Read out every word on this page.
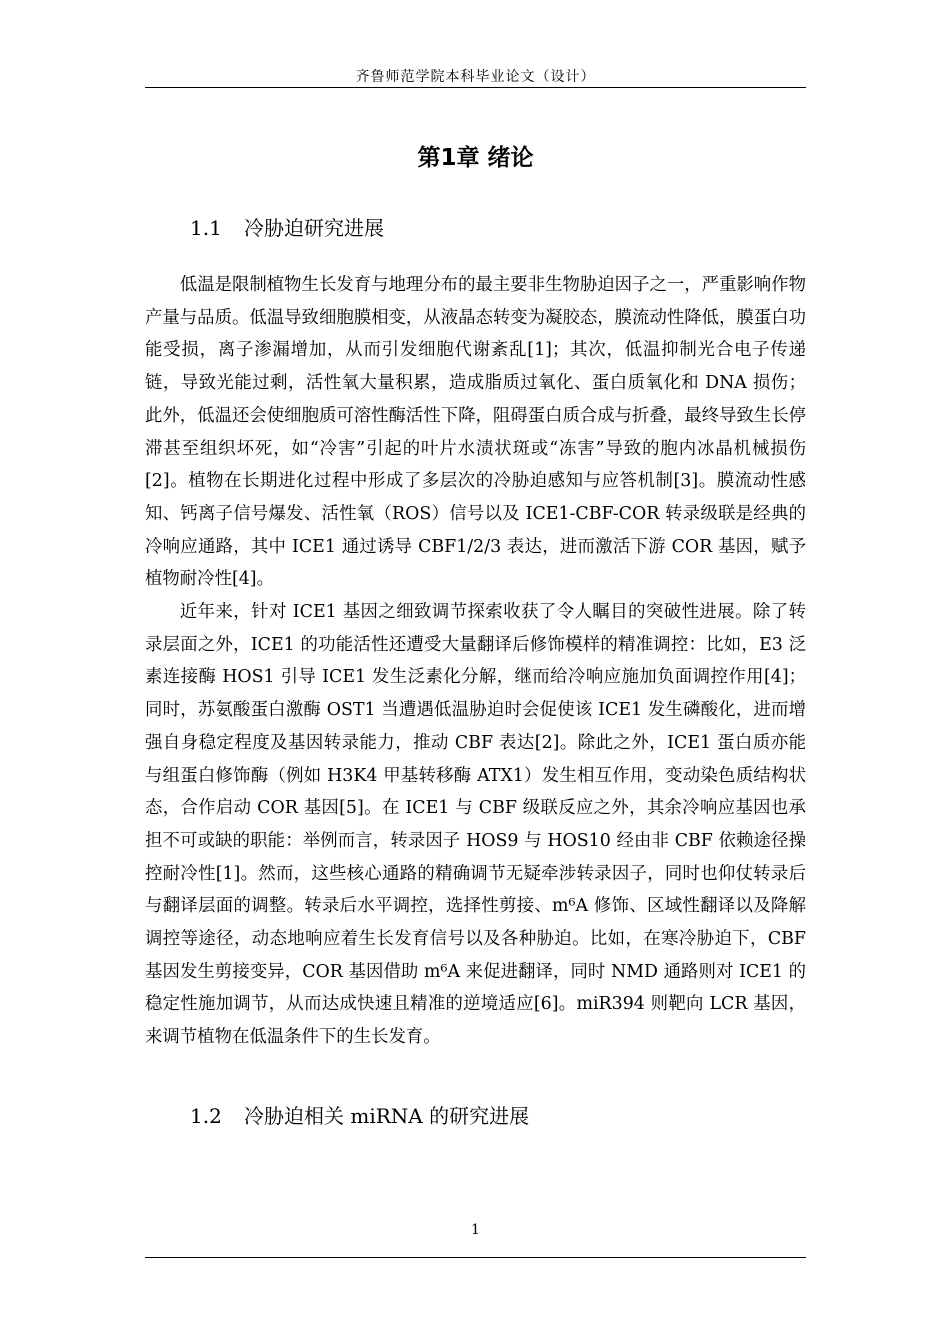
齐鲁师范学院本科毕业论文（设计）
第1章 绪论
1.1 冷胁迫研究进展

低温是限制植物生长发育与地理分布的最主要非生物胁迫因子之一，严重影响作物产量与品质。低温导致细胞膜相变，从液晶态转变为凝胶态，膜流动性降低，膜蛋白功能受损，离子渗漏增加，从而引发细胞代谢紊乱[1]；其次，低温抑制光合电子传递链，导致光能过剩，活性氧大量积累，造成脂质过氧化、蛋白质氧化和 DNA 损伤；此外，低温还会使细胞质可溶性酶活性下降，阻碍蛋白质合成与折叠，最终导致生长停滞甚至组织坏死，如“冷害”引起的叶片水渍状斑或“冻害”导致的胞内冰晶机械损伤[2]。植物在长期进化过程中形成了多层次的冷胁迫感知与应答机制[3]。膜流动性感知、钙离子信号爆发、活性氧（ROS）信号以及 ICE1-CBF-COR 转录级联是经典的冷响应通路，其中 ICE1 通过诱导 CBF1/2/3 表达，进而激活下游 COR 基因，赋予植物耐冷性[4]。

近年来，针对 ICE1 基因之细致调节探索收获了令人瞩目的突破性进展。除了转录层面之外，ICE1 的功能活性还遭受大量翻译后修饰模样的精准调控：比如，E3 泛素连接酶 HOS1 引导 ICE1 发生泛素化分解，继而给冷响应施加负面调控作用[4]；同时，苏氨酸蛋白激酶 OST1 当遭遇低温胁迫时会促使该 ICE1 发生磷酸化，进而增强自身稳定程度及基因转录能力，推动 CBF 表达[2]。除此之外，ICE1 蛋白质亦能与组蛋白修饰酶（例如 H3K4 甲基转移酶 ATX1）发生相互作用，变动染色质结构状态，合作启动 COR 基因[5]。在 ICE1 与 CBF 级联反应之外，其余冷响应基因也承担不可或缺的职能：举例而言，转录因子 HOS9 与 HOS10 经由非 CBF 依赖途径操控耐冷性[1]。然而，这些核心通路的精确调节无疑牵涉转录因子，同时也仰仗转录后与翻译层面的调整。转录后水平调控，选择性剪接、m⁶A 修饰、区域性翻译以及降解调控等途径，动态地响应着生长发育信号以及各种胁迫。比如，在寒冷胁迫下，CBF 基因发生剪接变异，COR 基因借助 m⁶A 来促进翻译，同时 NMD 通路则对 ICE1 的稳定性施加调节，从而达成快速且精准的逆境适应[6]。miR394 则靶向 LCR 基因，来调节植物在低温条件下的生长发育。

1.2 冷胁迫相关 miRNA 的研究进展
1
